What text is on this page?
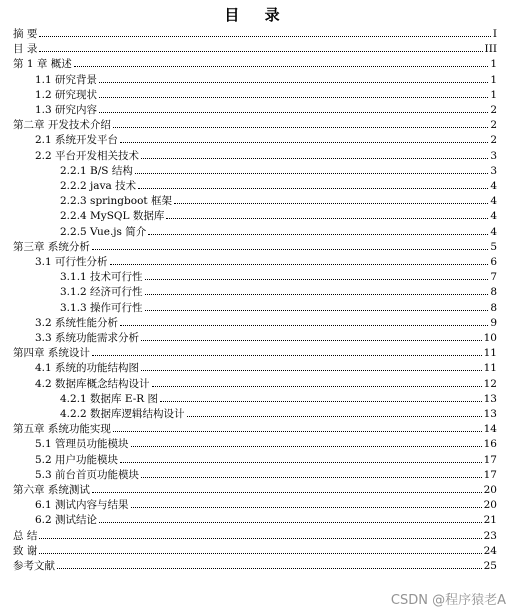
目 录
摘 要	I
目 录	III
第 1 章 概述	1
1.1 研究背景	1
1.2 研究现状	1
1.3 研究内容	2
第二章 开发技术介绍	2
2.1 系统开发平台	2
2.2 平台开发相关技术	3
2.2.1 B/S 结构	3
2.2.2 java 技术	4
2.2.3 springboot 框架	4
2.2.4 MySQL 数据库	4
2.2.5 Vue.js 简介	4
第三章 系统分析	5
3.1 可行性分析	6
3.1.1 技术可行性	7
3.1.2 经济可行性	8
3.1.3 操作可行性	8
3.2 系统性能分析	9
3.3 系统功能需求分析	10
第四章 系统设计	11
4.1 系统的功能结构图	11
4.2 数据库概念结构设计	12
4.2.1 数据库 E-R 图	13
4.2.2 数据库逻辑结构设计	13
第五章 系统功能实现	14
5.1 管理员功能模块	16
5.2 用户功能模块	17
5.3 前台首页功能模块	17
第六章 系统测试	20
6.1 测试内容与结果	20
6.2 测试结论	21
总 结	23
致 谢	24
参考文献	25
CSDN @程序猿老A
